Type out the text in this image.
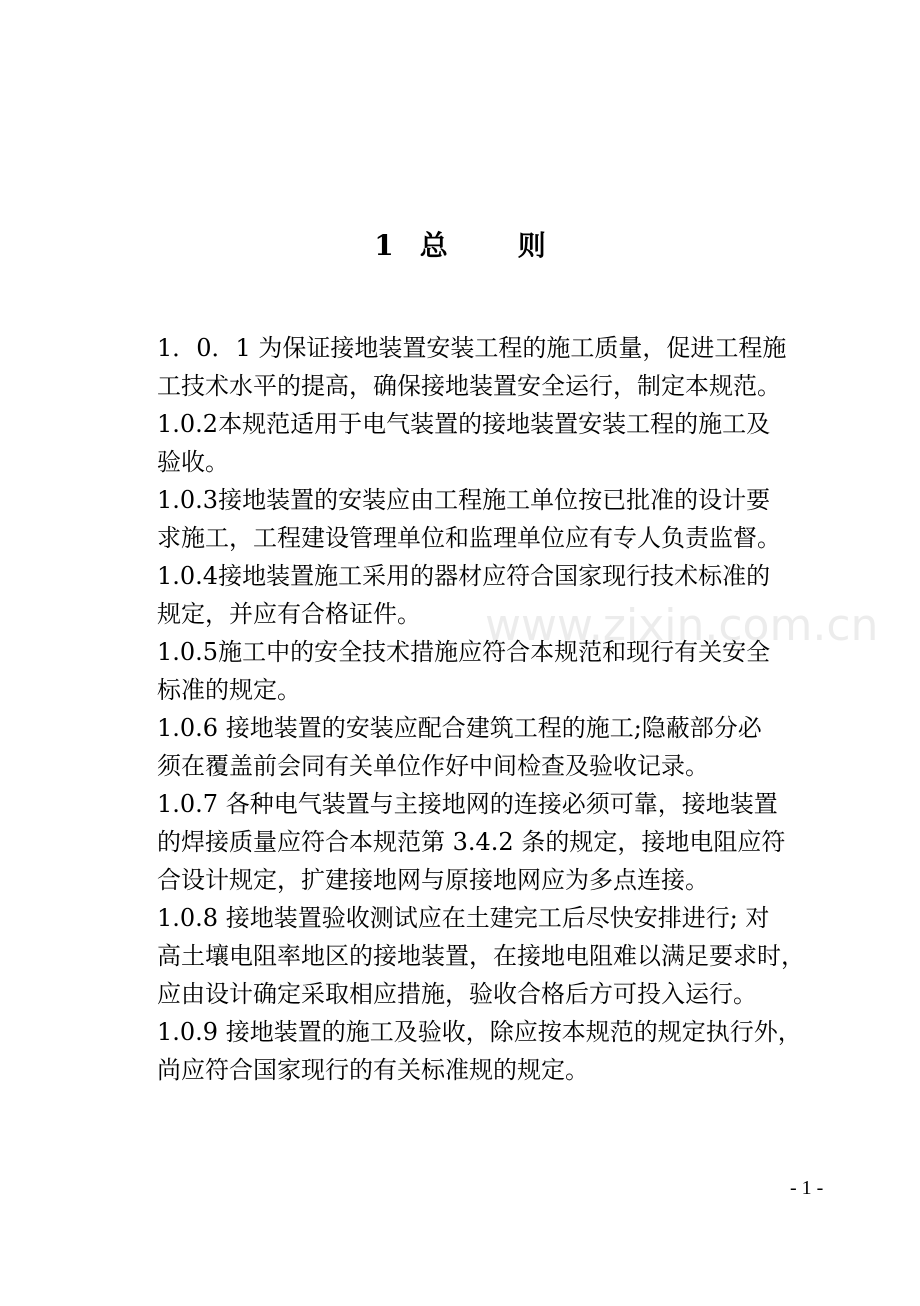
1 总	则

1．0．1 为保证接地装置安装工程的施工质量，促进工程施
工技术水平的提高，确保接地装置安全运行，制定本规范。

1.0.2本规范适用于电气装置的接地装置安装工程的施工及
验收。

1.0.3接地装置的安装应由工程施工单位按已批准的设计要
求施工，工程建设管理单位和监理单位应有专人负责监督。

1.0.4接地装置施工采用的器材应符合国家现行技术标准的
规定，并应有合格证件。

1.0.5施工中的安全技术措施应符合本规范和现行有关安全
标准的规定。

1.0.6 接地装置的安装应配合建筑工程的施工;隐蔽部分必
须在覆盖前会同有关单位作好中间检查及验收记录。

1.0.7 各种电气装置与主接地网的连接必须可靠，接地装置
的焊接质量应符合本规范第 3.4.2 条的规定，接地电阻应符
合设计规定，扩建接地网与原接地网应为多点连接。

1.0.8 接地装置验收测试应在土建完工后尽快安排进行; 对
高土壤电阻率地区的接地装置，在接地电阻难以满足要求时，
应由设计确定采取相应措施，验收合格后方可投入运行。

1.0.9 接地装置的施工及验收，除应按本规范的规定执行外，
尚应符合国家现行的有关标准规的规定。

www.zixin.com.cn
- 1 -
